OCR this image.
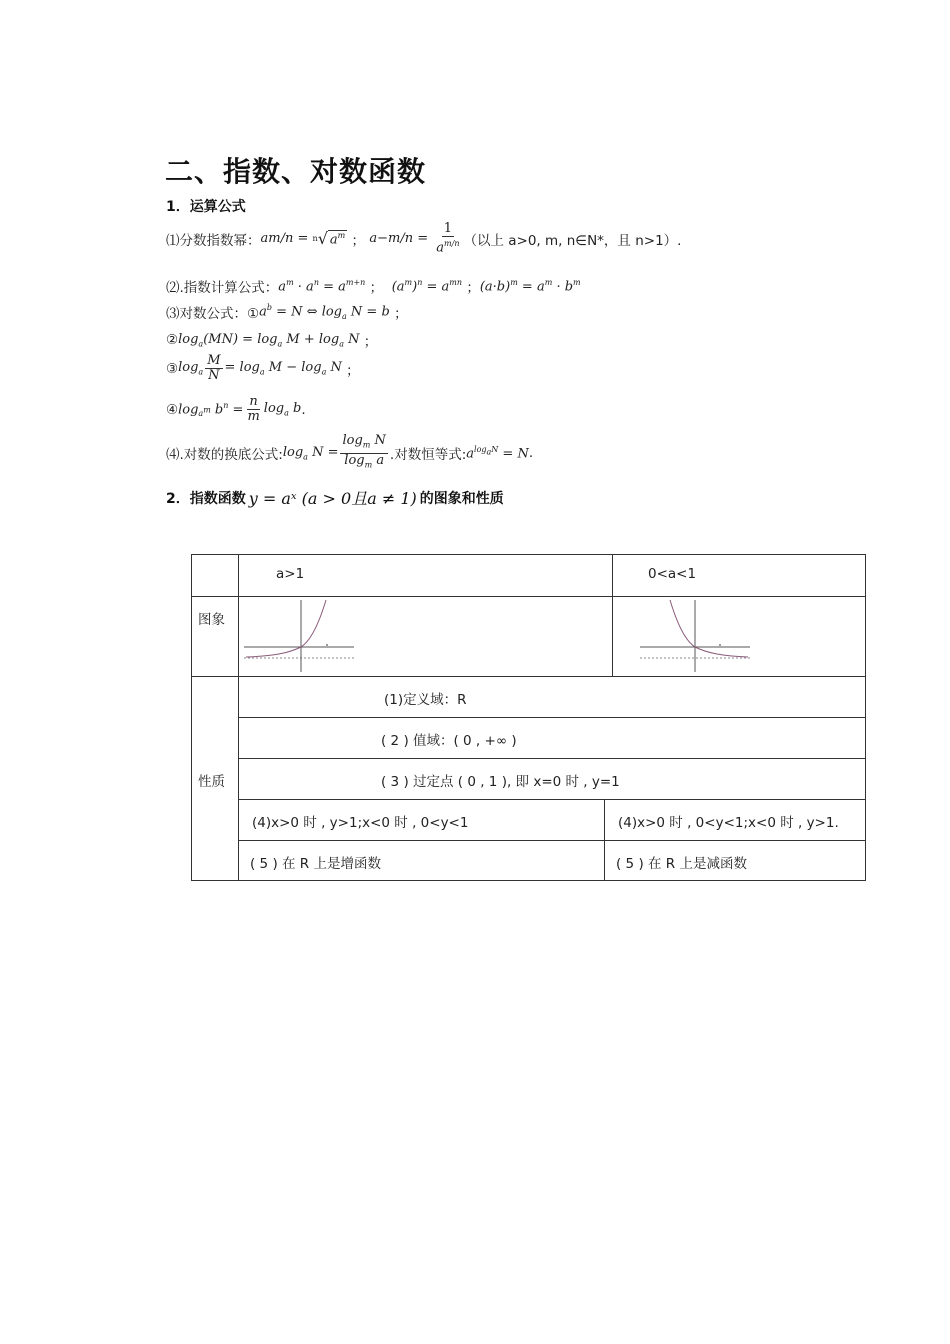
二、指数、对数函数
1．运算公式
⑴分数指数幂： a m/n = n √ $a^m$ ； $a -m/n = \frac{1}{a^{m/n}}$ （以上 a>0, m, n∈N*，且 n>1）.
⑵.指数计算公式： $a^m \cdot a^n = a^{m+n}$ ； $(a^m)^n = a^{mn}$ ； $(a\cdot b)^m = a^m \cdot b^m$
⑶对数公式：① $a^b = N$ ⇔ $\log_a N = b$ ；
② $\log_a(MN) = \log_a M + \log_a N$ ；
③ $\log_a \frac{M}{N} = \log_a M - \log_a N$ ；
④ $\log_{a^m} b^n = \frac{n}{m} \log_a b$ .
⑷.对数的换底公式: $\log_a N = \frac{\log_m N}{\log_m a}$ .对数恒等式: $a^{log_aN} = N$ .
2．指数函数 y = aˣ (a > 0且a ≠ 1) 的图象和性质
a>1	0<a<1
图象
性质
(1)定义域：R
( 2 ) 值域：( 0 , +∞ )
( 3 ) 过定点 ( 0 , 1 ), 即 x=0 时 , y=1
(4)x>0 时 , y>1;x<0 时 , 0<y<1	(4)x>0 时 , 0<y<1;x<0 时 , y>1.
( 5 ) 在 R 上是增函数	( 5 ) 在 R 上是减函数
